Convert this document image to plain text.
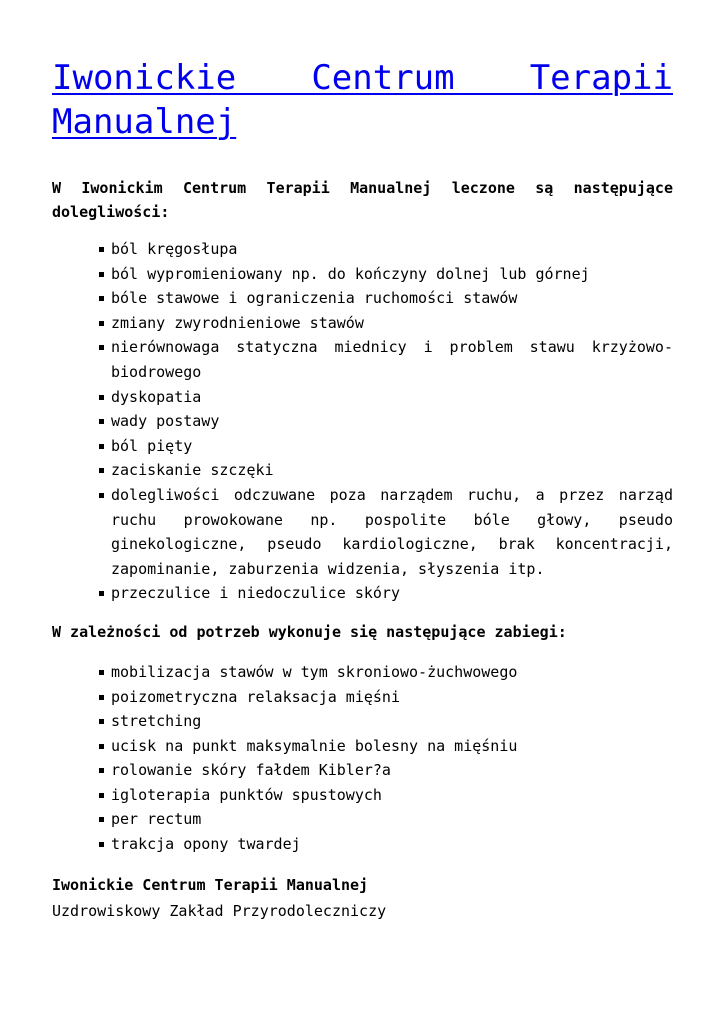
Iwonickie Centrum Terapii Manualnej

W Iwonickim Centrum Terapii Manualnej leczone są następujące dolegliwości:

ból kręgosłupa
ból wypromieniowany np. do kończyny dolnej lub górnej
bóle stawowe i ograniczenia ruchomości stawów
zmiany zwyrodnieniowe stawów
nierównowaga statyczna miednicy i problem stawu krzyżowo-biodrowego
dyskopatia
wady postawy
ból pięty
zaciskanie szczęki
dolegliwości odczuwane poza narządem ruchu, a przez narząd ruchu prowokowane np. pospolite bóle głowy, pseudo ginekologiczne, pseudo kardiologiczne, brak koncentracji, zapominanie, zaburzenia widzenia, słyszenia itp.
przeczulice i niedoczulice skóry

W zależności od potrzeb wykonuje się następujące zabiegi:

mobilizacja stawów w tym skroniowo-żuchwowego
poizometryczna relaksacja mięśni
stretching
ucisk na punkt maksymalnie bolesny na mięśniu
rolowanie skóry fałdem Kibler?a
igloterapia punktów spustowych
per rectum
trakcja opony twardej

Iwonickie Centrum Terapii Manualnej

Uzdrowiskowy Zakład Przyrodoleczniczy
